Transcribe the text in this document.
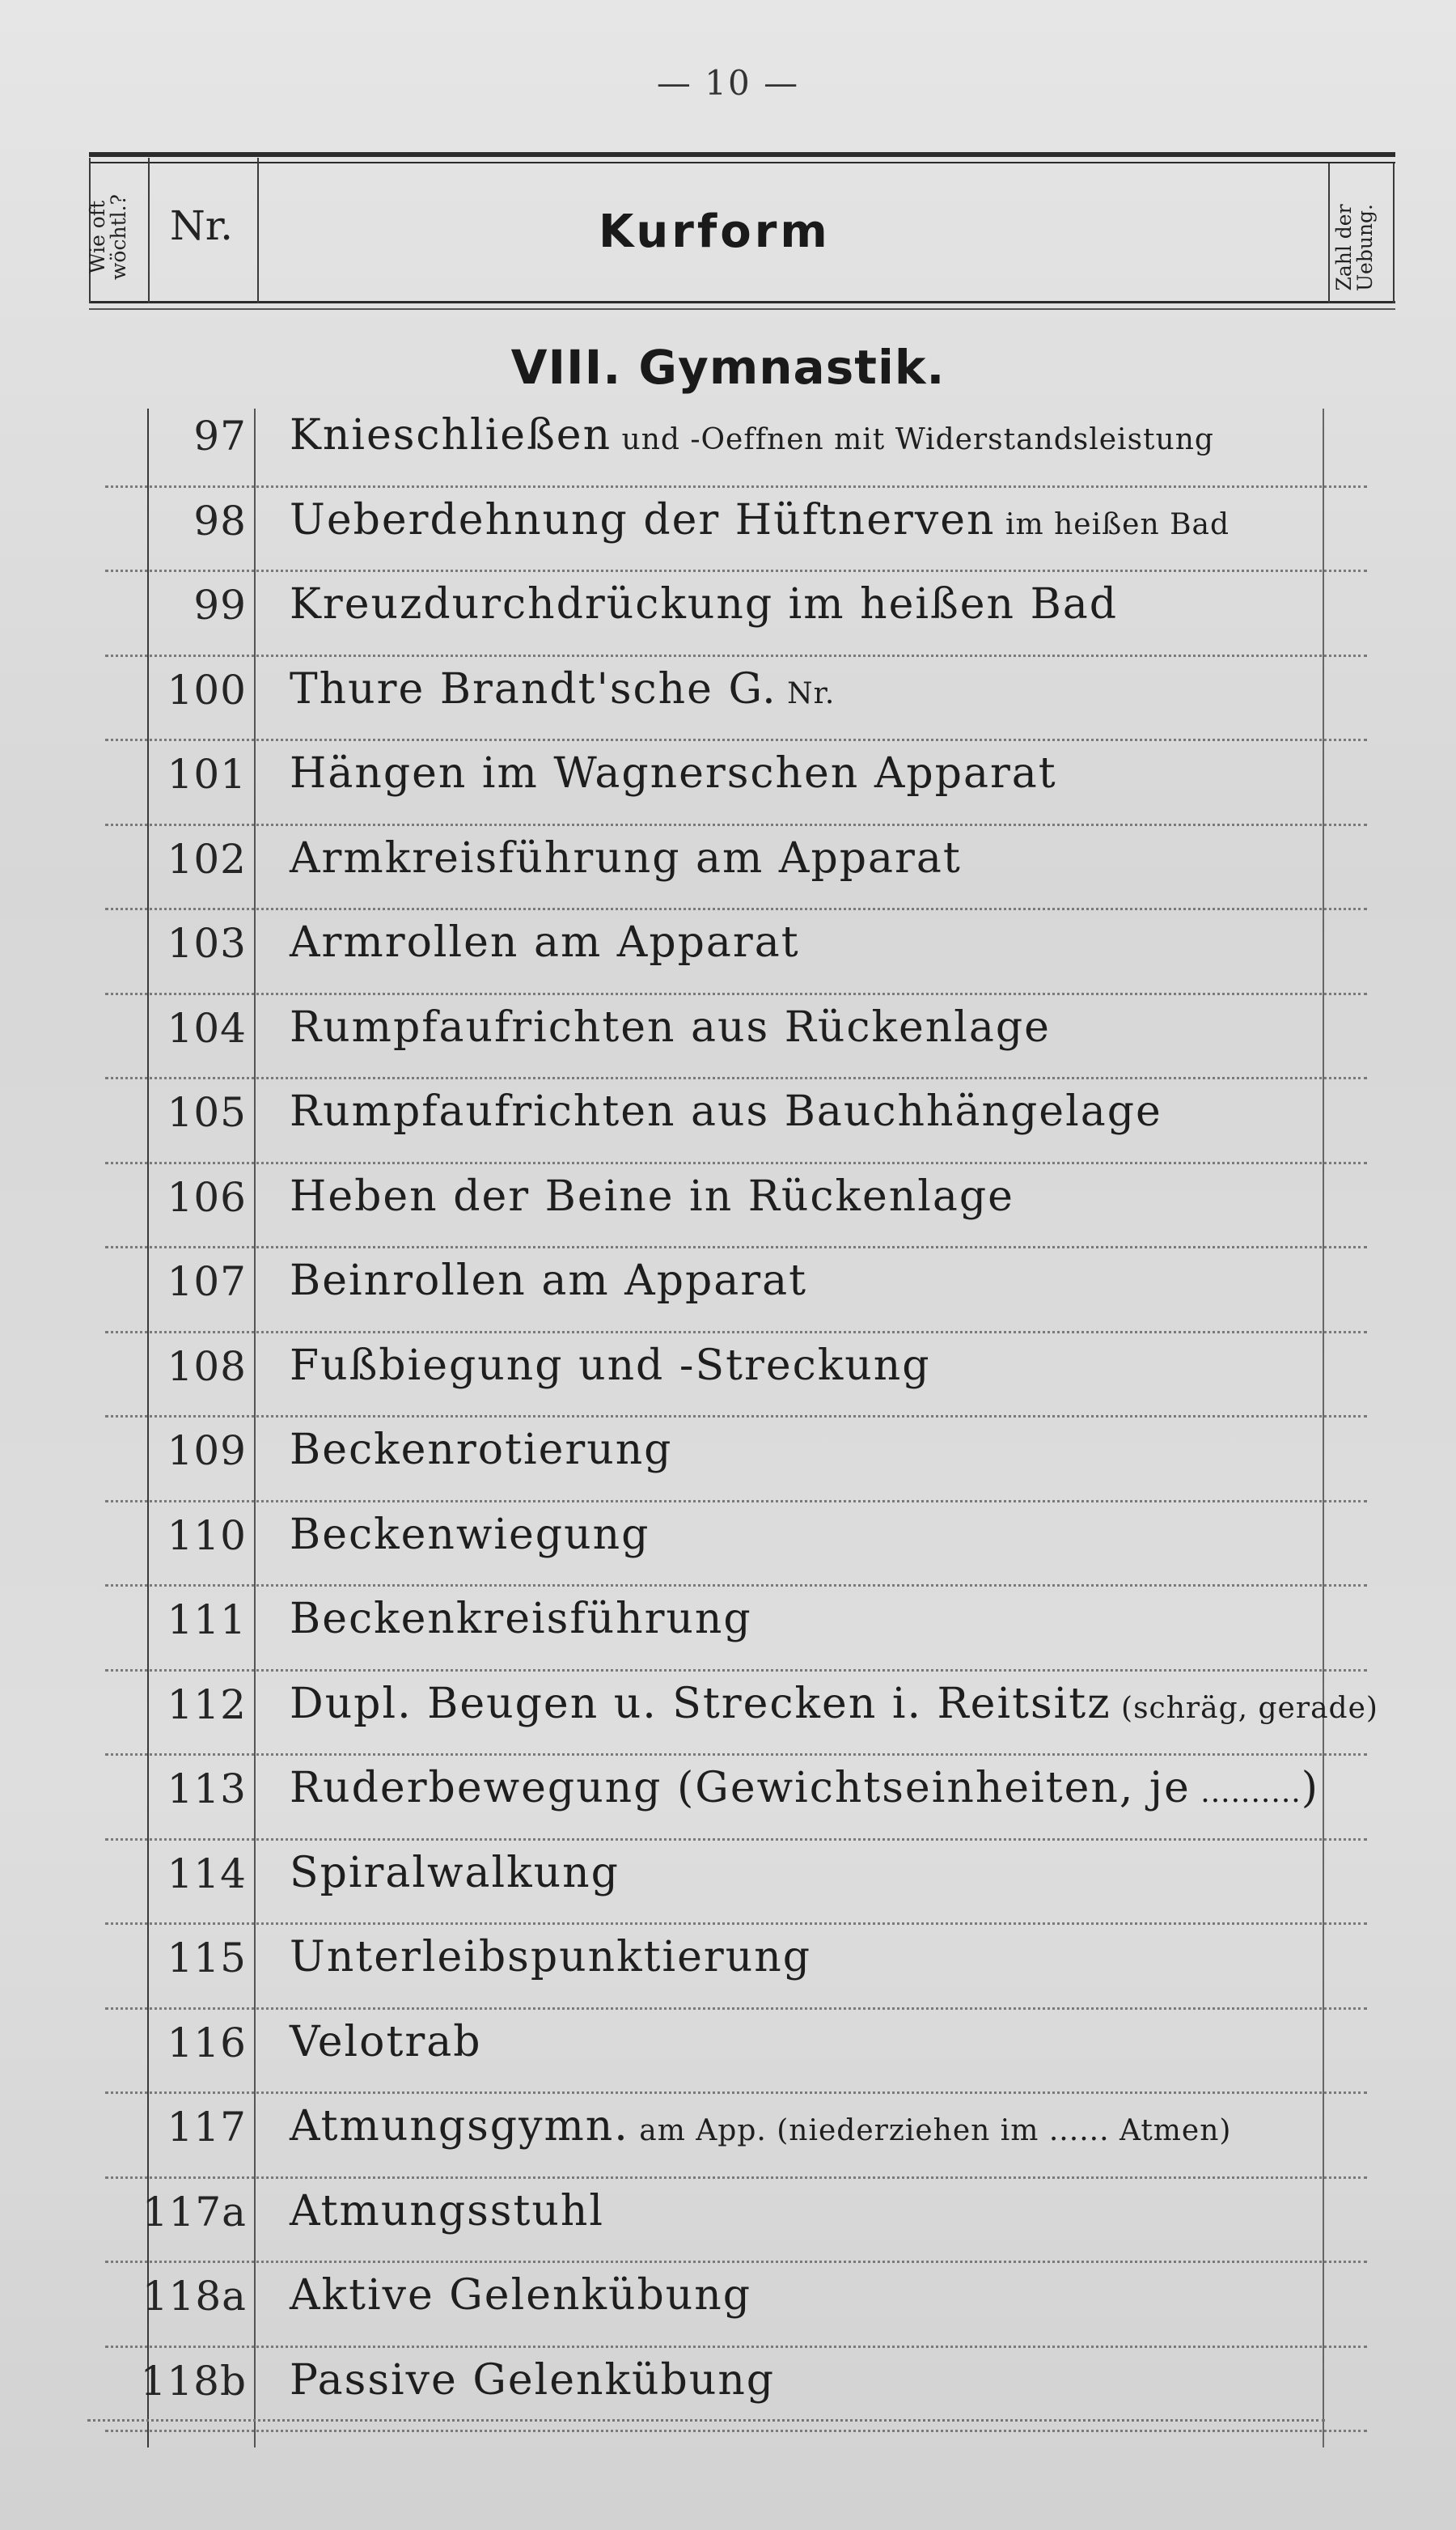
— 10 —
Wie oft wöchtl.? Nr.	Kurform	Zahl der Uebung.
VIII. Gymnastik.
97 Knieschließen und -Oeffnen mit Widerstandsleistung
98 Ueberdehnung der Hüftnerven im heißen Bad
99 Kreuzdurchdrückung im heißen Bad
100 Thure Brandt'sche G. Nr.
101 Hängen im Wagnerschen Apparat
102 Armkreisführung am Apparat
103 Armrollen am Apparat
104 Rumpfaufrichten aus Rückenlage
105 Rumpfaufrichten aus Bauchhängelage
106 Heben der Beine in Rückenlage
107 Beinrollen am Apparat
108 Fußbiegung und -Streckung
109 Beckenrotierung
110 Beckenwiegung
111 Beckenkreisführung
112 Dupl. Beugen u. Strecken i. Reitsitz (schräg, gerade)
113 Ruderbewegung (Gewichtseinheiten, je ..........)
114 Spiralwalkung
115 Unterleibspunktierung
116 Velotrab
117 Atmungsgymn. am App. (niederziehen im ...... Atmen)
117a Atmungsstuhl
118a Aktive Gelenkübung
118b Passive Gelenkübung
